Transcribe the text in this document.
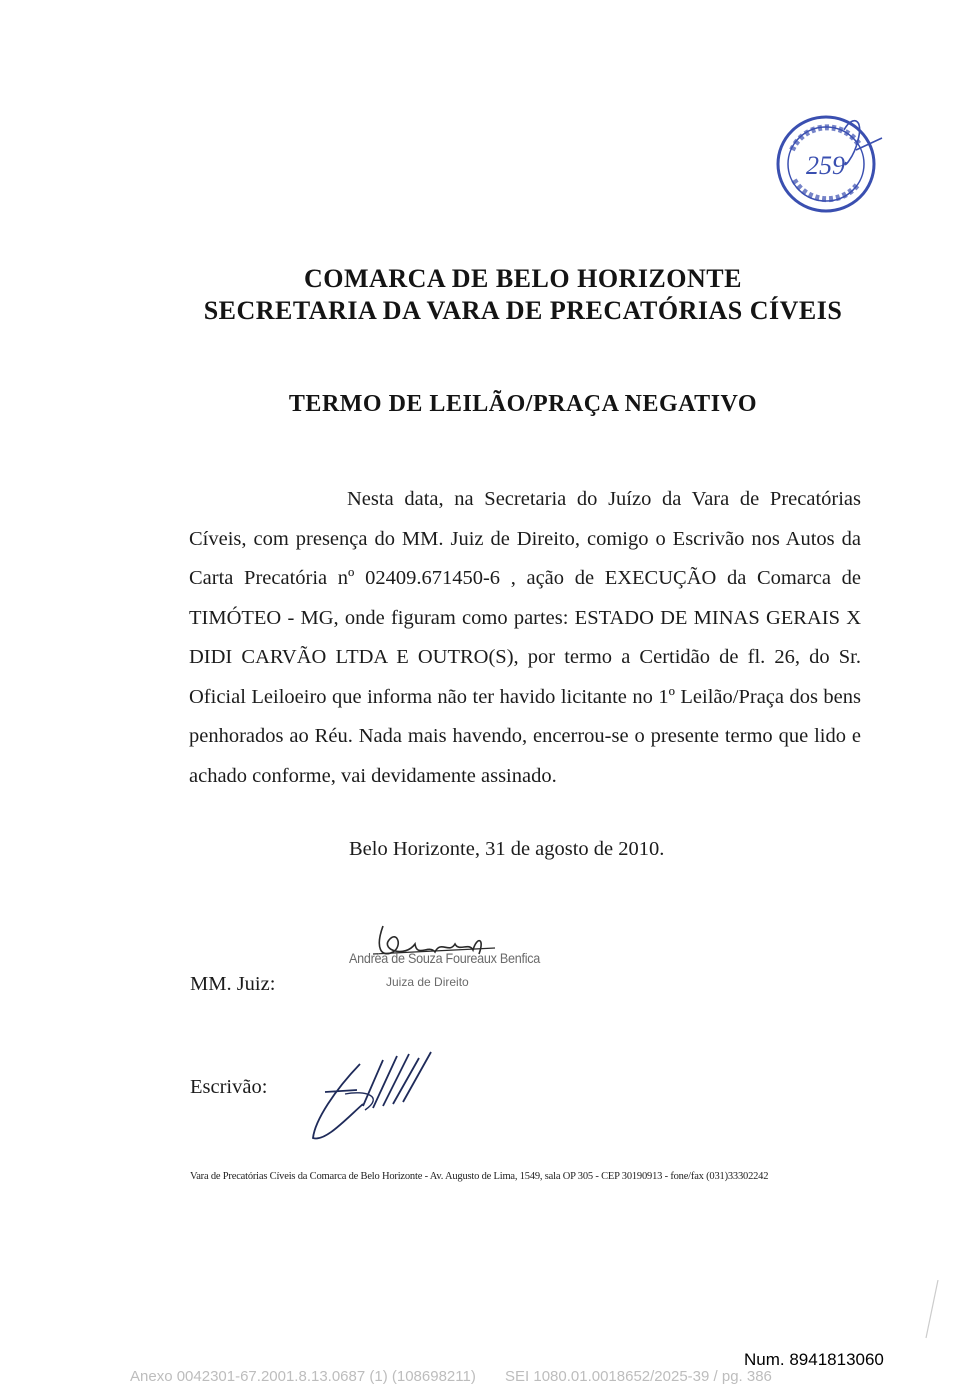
259
SECRETARIA
COMARCA DE BELO HORIZONTE
SECRETARIA DA VARA DE PRECATÓRIAS CÍVEIS
TERMO DE LEILÃO/PRAÇA NEGATIVO
Nesta data, na Secretaria do Juízo da Vara de Precatórias Cíveis, com presença do MM. Juiz de Direito, comigo o Escrivão nos Autos da Carta Precatória nº 02409.671450-6 , ação de EXECUÇÃO da Comarca de TIMÓTEO - MG, onde figuram como partes: ESTADO DE MINAS GERAIS X DIDI CARVÃO LTDA E OUTRO(S), por termo a Certidão de fl. 26, do Sr. Oficial Leiloeiro que informa não ter havido licitante no 1º Leilão/Praça dos bens penhorados ao Réu. Nada mais havendo, encerrou-se o presente termo que lido e achado conforme, vai devidamente assinado.
Belo Horizonte, 31 de agosto de 2010.
MM. Juiz:
Andréa de Souza Foureaux Benfica
Juiza de Direito
Escrivão:
Vara de Precatórias Cíveis da Comarca de Belo Horizonte - Av. Augusto de Lima, 1549, sala OP 305 - CEP 30190913 - fone/fax (031)33302242
Num. 8941813060
Anexo 0042301-67.2001.8.13.0687 (1) (108698211)       SEI 1080.01.0018652/2025-39 / pg. 386
